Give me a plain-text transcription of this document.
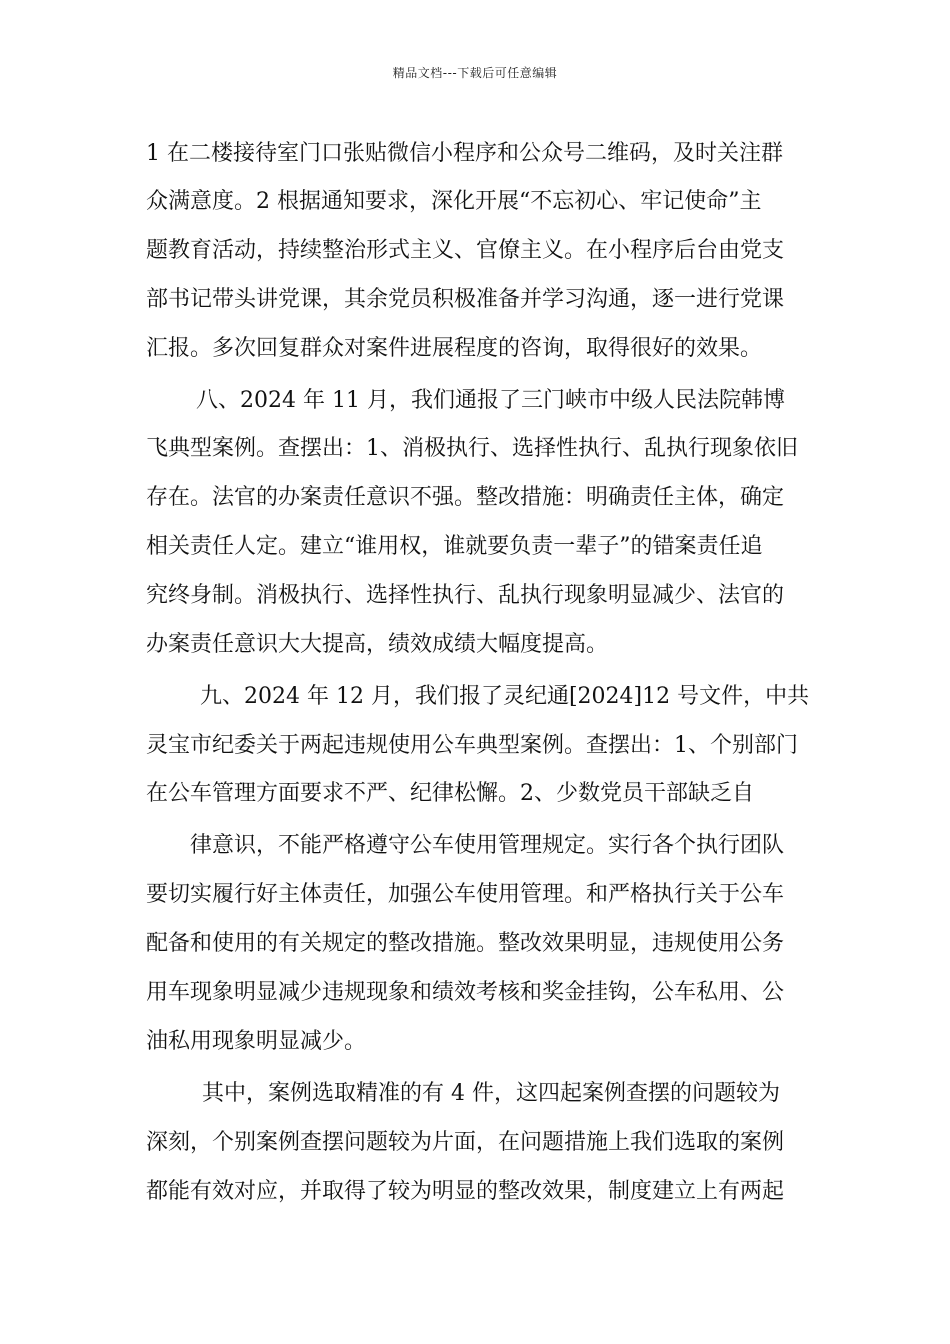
精品文档---下载后可任意编辑
1 在二楼接待室门口张贴微信小程序和公众号二维码，及时关注群
众满意度。2 根据通知要求，深化开展“不忘初心、牢记使命”主
题教育活动，持续整治形式主义、官僚主义。在小程序后台由党支
部书记带头讲党课，其余党员积极准备并学习沟通，逐一进行党课
汇报。多次回复群众对案件进展程度的咨询，取得很好的效果。
八、2024 年 11 月，我们通报了三门峡市中级人民法院韩博
飞典型案例。查摆出：1、消极执行、选择性执行、乱执行现象依旧
存在。法官的办案责任意识不强。整改措施：明确责任主体，确定
相关责任人定。建立“谁用权，谁就要负责一辈子”的错案责任追
究终身制。消极执行、选择性执行、乱执行现象明显减少、法官的
办案责任意识大大提高，绩效成绩大幅度提高。
九、2024 年 12 月，我们报了灵纪通[2024]12 号文件，中共
灵宝市纪委关于两起违规使用公车典型案例。查摆出：1、个别部门
在公车管理方面要求不严、纪律松懈。2、少数党员干部缺乏自
律意识，不能严格遵守公车使用管理规定。实行各个执行团队
要切实履行好主体责任，加强公车使用管理。和严格执行关于公车
配备和使用的有关规定的整改措施。整改效果明显，违规使用公务
用车现象明显减少违规现象和绩效考核和奖金挂钩，公车私用、公
油私用现象明显减少。
其中，案例选取精准的有 4 件，这四起案例查摆的问题较为
深刻，个别案例查摆问题较为片面，在问题措施上我们选取的案例
都能有效对应，并取得了较为明显的整改效果，制度建立上有两起
